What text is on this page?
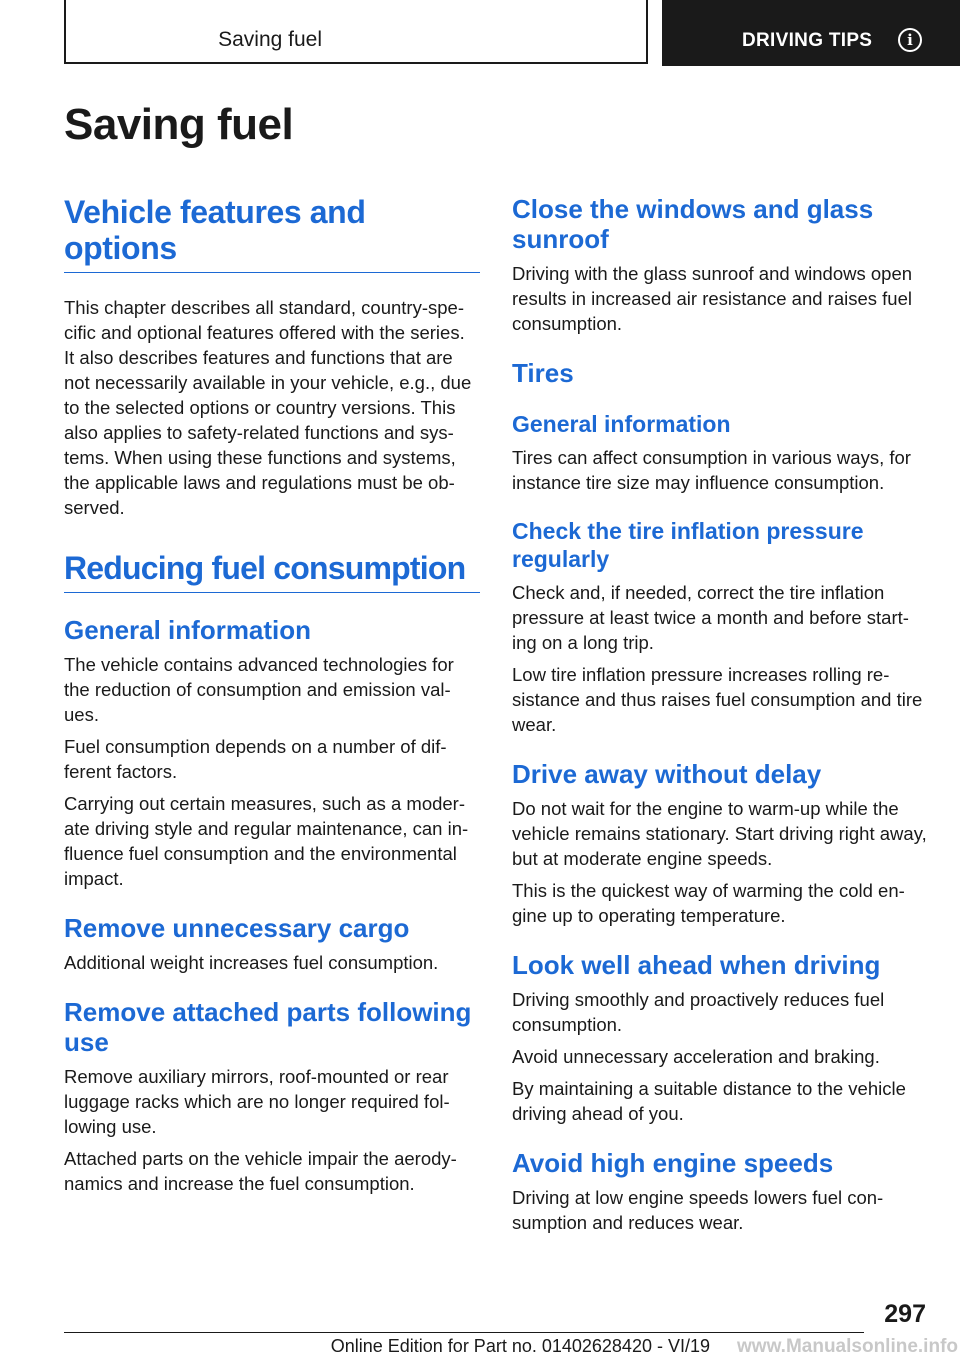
Saving fuel	DRIVING TIPS	i
Saving fuel
Vehicle features and options

This chapter describes all standard, country-spe-cific and optional features offered with the series. It also describes features and functions that are not necessarily available in your vehicle, e.g., due to the selected options or country versions. This also applies to safety-related functions and sys-tems. When using these functions and systems, the applicable laws and regulations must be ob-served.

Reducing fuel consumption
General information

The vehicle contains advanced technologies for the reduction of consumption and emission val-ues.

Fuel consumption depends on a number of dif-ferent factors.

Carrying out certain measures, such as a moder-ate driving style and regular maintenance, can in-fluence fuel consumption and the environmental impact.

Remove unnecessary cargo

Additional weight increases fuel consumption.

Remove attached parts following use

Remove auxiliary mirrors, roof-mounted or rear luggage racks which are no longer required fol-lowing use.

Attached parts on the vehicle impair the aerody-namics and increase the fuel consumption.

Close the windows and glass sunroof

Driving with the glass sunroof and windows open results in increased air resistance and raises fuel consumption.

Tires
General information

Tires can affect consumption in various ways, for instance tire size may influence consumption.

Check the tire inflation pressure regularly

Check and, if needed, correct the tire inflation pressure at least twice a month and before start-ing on a long trip.

Low tire inflation pressure increases rolling re-sistance and thus raises fuel consumption and tire wear.

Drive away without delay

Do not wait for the engine to warm-up while the vehicle remains stationary. Start driving right away, but at moderate engine speeds.

This is the quickest way of warming the cold en-gine up to operating temperature.

Look well ahead when driving

Driving smoothly and proactively reduces fuel consumption.

Avoid unnecessary acceleration and braking.

By maintaining a suitable distance to the vehicle driving ahead of you.

Avoid high engine speeds

Driving at low engine speeds lowers fuel con-sumption and reduces wear.

297
Online Edition for Part no. 01402628420 - VI/19 www.Manualsonline.info
